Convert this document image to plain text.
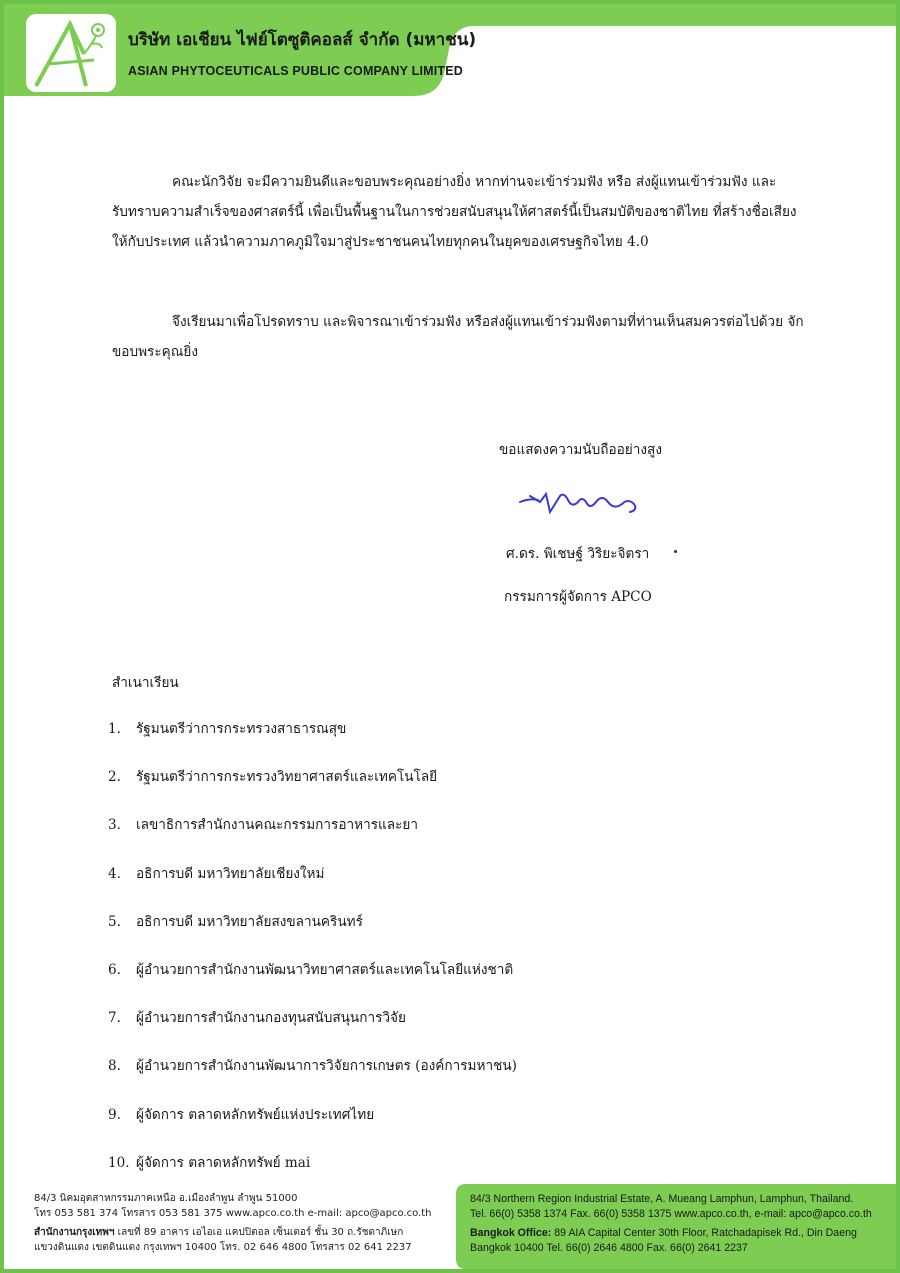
บริษัท เอเชียน ไฟย์โตซูติคอลส์ จำกัด (มหาชน)
ASIAN PHYTOCEUTICALS PUBLIC COMPANY LIMITED
คณะนักวิจัย จะมีความยินดีและขอบพระคุณอย่างยิ่ง หากท่านจะเข้าร่วมฟัง หรือ ส่งผู้แทนเข้าร่วมฟัง และ
รับทราบความสำเร็จของศาสตร์นี้ เพื่อเป็นพื้นฐานในการช่วยสนับสนุนให้ศาสตร์นี้เป็นสมบัติของชาติไทย ที่สร้างชื่อเสียง
ให้กับประเทศ แล้วนำความภาคภูมิใจมาสู่ประชาชนคนไทยทุกคนในยุคของเศรษฐกิจไทย 4.0
จึงเรียนมาเพื่อโปรดทราบ และพิจารณาเข้าร่วมฟัง หรือส่งผู้แทนเข้าร่วมฟังตามที่ท่านเห็นสมควรต่อไปด้วย จัก
ขอบพระคุณยิ่ง
ขอแสดงความนับถืออย่างสูง
ศ.ดร. พิเชษฐ์ วิริยะจิตรา
กรรมการผู้จัดการ APCO
สำเนาเรียน
1. รัฐมนตรีว่าการกระทรวงสาธารณสุข
2. รัฐมนตรีว่าการกระทรวงวิทยาศาสตร์และเทคโนโลยี
3. เลขาธิการสำนักงานคณะกรรมการอาหารและยา
4. อธิการบดี มหาวิทยาลัยเชียงใหม่
5. อธิการบดี มหาวิทยาลัยสงขลานครินทร์
6. ผู้อำนวยการสำนักงานพัฒนาวิทยาศาสตร์และเทคโนโลยีแห่งชาติ
7. ผู้อำนวยการสำนักงานกองทุนสนับสนุนการวิจัย
8. ผู้อำนวยการสำนักงานพัฒนาการวิจัยการเกษตร (องค์การมหาชน)
9. ผู้จัดการ ตลาดหลักทรัพย์แห่งประเทศไทย
10. ผู้จัดการ ตลาดหลักทรัพย์ mai
84/3 นิคมอุตสาหกรรมภาคเหนือ อ.เมืองลำพูน ลำพูน 51000
โทร 053 581 374 โทรสาร 053 581 375 www.apco.co.th e-mail: apco@apco.co.th
สำนักงานกรุงเทพฯ เลขที่ 89 อาคาร เอไอเอ แคปปิตอล เซ็นเตอร์ ชั้น 30 ถ.รัชดาภิเษก
แขวงดินแดง เขตดินแดง กรุงเทพฯ 10400 โทร. 02 646 4800 โทรสาร 02 641 2237
84/3 Northern Region Industrial Estate, A. Mueang Lamphun, Lamphun, Thailand.
Tel. 66(0) 5358 1374 Fax. 66(0) 5358 1375 www.apco.co.th, e-mail: apco@apco.co.th
Bangkok Office: 89 AIA Capital Center 30th Floor, Ratchadapisek Rd., Din Daeng
Bangkok 10400 Tel. 66(0) 2646 4800 Fax. 66(0) 2641 2237
